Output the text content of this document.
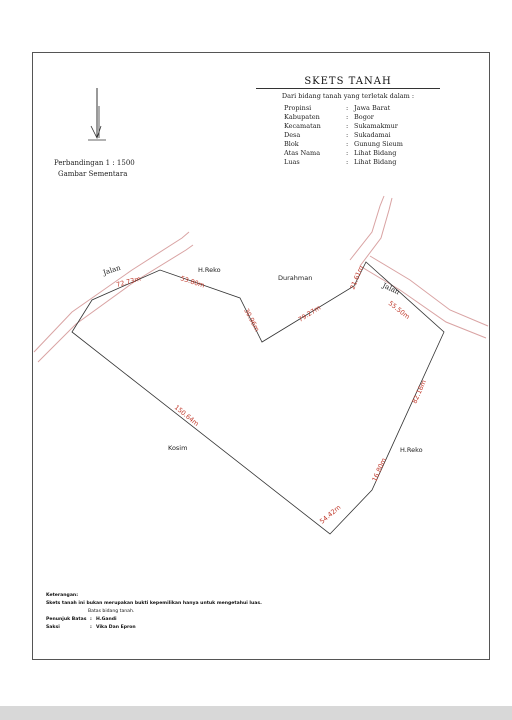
Perbandingan 1 : 1500
Gambar Sementara
SKETS TANAH
Dari bidang tanah yang terletak dalam :
Propinsi	: Jawa Barat
Kabupaten	: Bogor
Kecamatan	: Sukamakmur
Desa	: Sukadamai
Blok	: Gunung Sieum
Atas Nama	: Lihat Bidang
Luas	: Lihat Bidang
Jalan
Jalan
H.Reko
Durahman
Kosim	H.Reko
72.73m	53.80m
30.96m	79.27m
21.61m
55.50m
82.16m
16.80m
54.42m
150.64m
Keterangan:
Skets tanah ini bukan merupakan bukti kepemilikan hanya untuk mengetahui luas.
Batas bidang tanah.
Penunjuk Batas : H.Gandi
Saksi	: Vika Dan Epron
